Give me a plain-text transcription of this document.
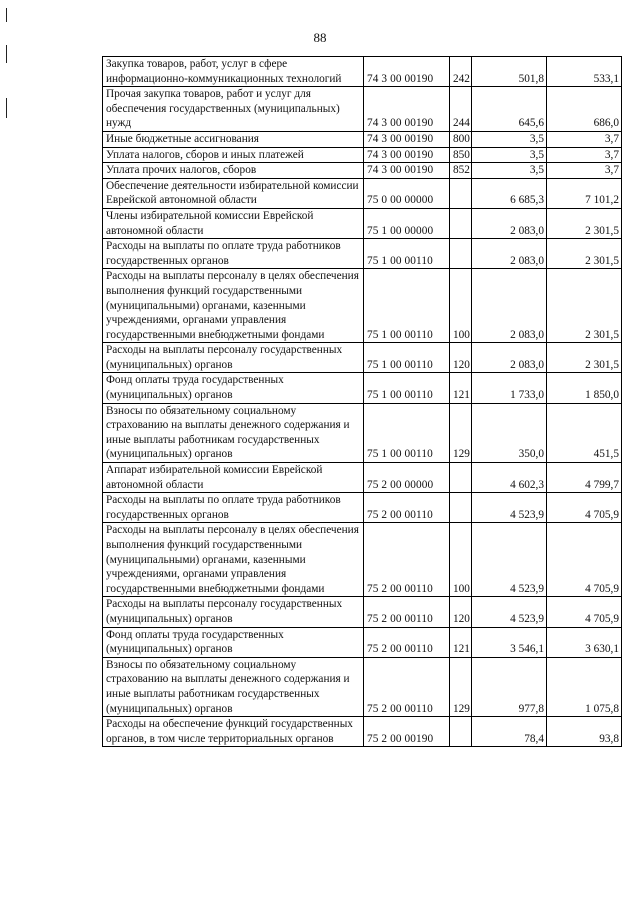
88
Закупка товаров, работ, услуг в сфере информационно-коммуникационных технологий	74 3 00 00190	242	501,8	533,1
Прочая закупка товаров, работ и услуг для обеспечения государственных (муниципальных) нужд	74 3 00 00190	244	645,6	686,0
Иные бюджетные ассигнования	74 3 00 00190	800	3,5	3,7
Уплата налогов, сборов и иных платежей	74 3 00 00190	850	3,5	3,7
Уплата прочих налогов, сборов	74 3 00 00190	852	3,5	3,7
Обеспечение деятельности избирательной комиссии Еврейской автономной области	75 0 00 00000		6 685,3	7 101,2
Члены избирательной комиссии Еврейской автономной области	75 1 00 00000		2 083,0	2 301,5
Расходы на выплаты по оплате труда работников государственных органов	75 1 00 00110		2 083,0	2 301,5
Расходы на выплаты персоналу в целях обеспечения выполнения функций государственными (муниципальными) органами, казенными учреждениями, органами управления государственными внебюджетными фондами	75 1 00 00110	100	2 083,0	2 301,5
Расходы на выплаты персоналу государственных (муниципальных) органов	75 1 00 00110	120	2 083,0	2 301,5
Фонд оплаты труда государственных (муниципальных) органов	75 1 00 00110	121	1 733,0	1 850,0
Взносы по обязательному социальному страхованию на выплаты денежного содержания и иные выплаты работникам государственных (муниципальных) органов	75 1 00 00110	129	350,0	451,5
Аппарат избирательной комиссии Еврейской автономной области	75 2 00 00000		4 602,3	4 799,7
Расходы на выплаты по оплате труда работников государственных органов	75 2 00 00110		4 523,9	4 705,9
Расходы на выплаты персоналу в целях обеспечения выполнения функций государственными (муниципальными) органами, казенными учреждениями, органами управления государственными внебюджетными фондами	75 2 00 00110	100	4 523,9	4 705,9
Расходы на выплаты персоналу государственных (муниципальных) органов	75 2 00 00110	120	4 523,9	4 705,9
Фонд оплаты труда государственных (муниципальных) органов	75 2 00 00110	121	3 546,1	3 630,1
Взносы по обязательному социальному страхованию на выплаты денежного содержания и иные выплаты работникам государственных (муниципальных) органов	75 2 00 00110	129	977,8	1 075,8
Расходы на обеспечение функций государственных органов, в том числе территориальных органов	75 2 00 00190		78,4	93,8
